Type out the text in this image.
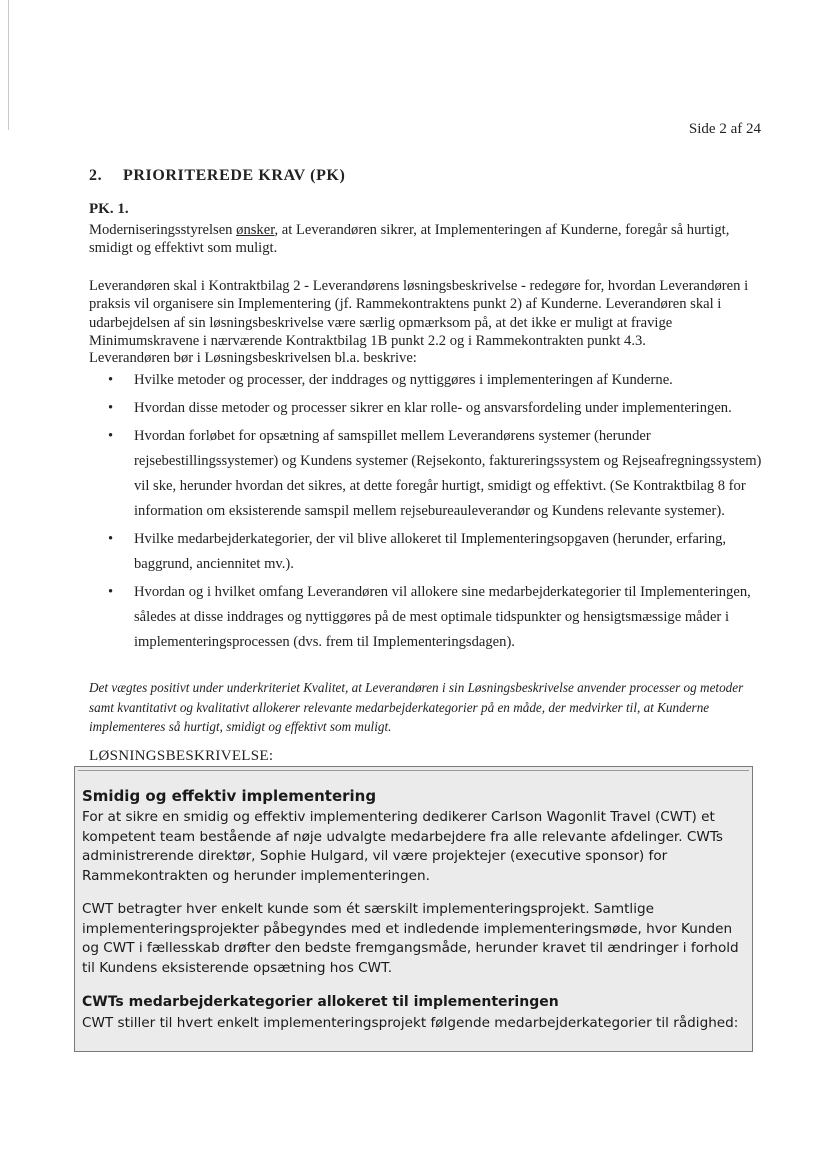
Side 2 af 24
2. PRIORITEREDE KRAV (PK)
PK. 1.
Moderniseringsstyrelsen ønsker, at Leverandøren sikrer, at Implementeringen af Kunderne, foregår så hurtigt, smidigt og effektivt som muligt.
Leverandøren skal i Kontraktbilag 2 - Leverandørens løsningsbeskrivelse - redegøre for, hvordan Leverandøren i praksis vil organisere sin Implementering (jf. Rammekontraktens punkt 2) af Kunderne. Leverandøren skal i udarbejdelsen af sin løsningsbeskrivelse være særlig opmærksom på, at det ikke er muligt at fravige Minimumskravene i nærværende Kontraktbilag 1B punkt 2.2 og i Rammekontrakten punkt 4.3.
Leverandøren bør i Løsningsbeskrivelsen bl.a. beskrive:
• Hvilke metoder og processer, der inddrages og nyttiggøres i implementeringen af Kunderne.
• Hvordan disse metoder og processer sikrer en klar rolle- og ansvarsfordeling under implementeringen.
• Hvordan forløbet for opsætning af samspillet mellem Leverandørens systemer (herunder rejsebestillingssystemer) og Kundens systemer (Rejsekonto, faktureringssystem og Rejseafregningssystem) vil ske, herunder hvordan det sikres, at dette foregår hurtigt, smidigt og effektivt. (Se Kontraktbilag 8 for information om eksisterende samspil mellem rejsebureauleverandør og Kundens relevante systemer).
• Hvilke medarbejderkategorier, der vil blive allokeret til Implementeringsopgaven (herunder, erfaring, baggrund, anciennitet mv.).
• Hvordan og i hvilket omfang Leverandøren vil allokere sine medarbejderkategorier til Implementeringen, således at disse inddrages og nyttiggøres på de mest optimale tidspunkter og hensigtsmæssige måder i implementeringsprocessen (dvs. frem til Implementeringsdagen).
Det vægtes positivt under underkriteriet Kvalitet, at Leverandøren i sin Løsningsbeskrivelse anvender processer og metoder samt kvantitativt og kvalitativt allokerer relevante medarbejderkategorier på en måde, der medvirker til, at Kunderne implementeres så hurtigt, smidigt og effektivt som muligt.
LØSNINGSBESKRIVELSE:
Smidig og effektiv implementering
For at sikre en smidig og effektiv implementering dedikerer Carlson Wagonlit Travel (CWT) et kompetent team bestående af nøje udvalgte medarbejdere fra alle relevante afdelinger. CWTs administrerende direktør, Sophie Hulgard, vil være projektejer (executive sponsor) for Rammekontrakten og herunder implementeringen.
CWT betragter hver enkelt kunde som ét særskilt implementeringsprojekt. Samtlige implementeringsprojekter påbegyndes med et indledende implementeringsmøde, hvor Kunden og CWT i fællesskab drøfter den bedste fremgangsmåde, herunder kravet til ændringer i forhold til Kundens eksisterende opsætning hos CWT.
CWTs medarbejderkategorier allokeret til implementeringen
CWT stiller til hvert enkelt implementeringsprojekt følgende medarbejderkategorier til rådighed:
